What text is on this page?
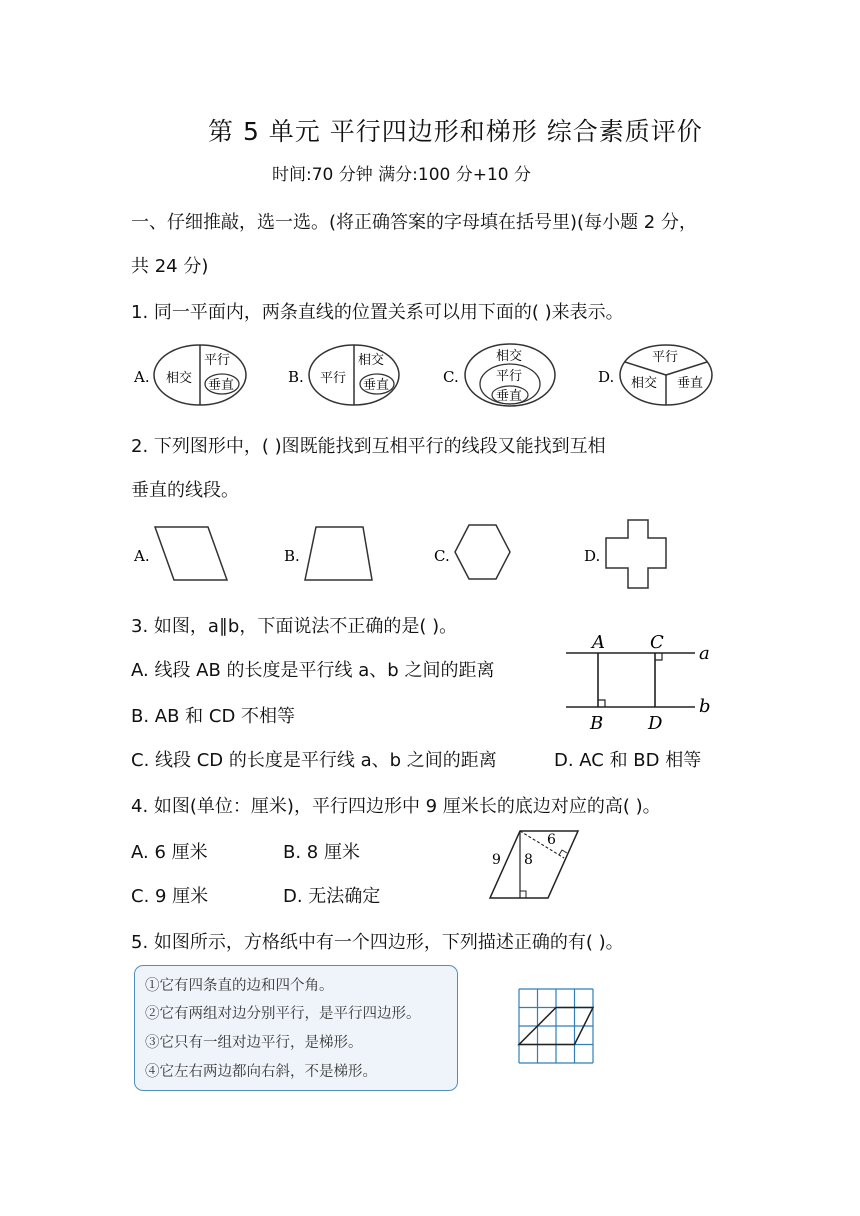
第 5 单元 平行四边形和梯形 综合素质评价
时间:70 分钟 满分:100 分+10 分
一、仔细推敲，选一选。(将正确答案的字母填在括号里)(每小题 2 分，
共 24 分)
1. 同一平面内，两条直线的位置关系可以用下面的( )来表示。
A. 相交
平行
垂直	B. 平行
相交
垂直	C.
相交
平行
垂直
D.
平行
相交 垂直
2. 下列图形中，( )图既能找到互相平行的线段又能找到互相
垂直的线段。
A.	B.	C.	D.
3. 如图，a∥b，下面说法不正确的是( )。
A. 线段 AB 的长度是平行线 a、b 之间的距离
B. AB 和 CD 不相等
C. 线段 CD 的长度是平行线 a、b 之间的距离	D. AC 和 BD 相等
A	C
B D
a
b
4. 如图(单位：厘米)，平行四边形中 9 厘米长的底边对应的高( )。
A. 6 厘米	B. 8 厘米
C. 9 厘米	D. 无法确定
9 8
6
5. 如图所示，方格纸中有一个四边形，下列描述正确的有( )。
①它有四条直的边和四个角。
②它有两组对边分别平行，是平行四边形。
③它只有一组对边平行，是梯形。
④它左右两边都向右斜，不是梯形。
